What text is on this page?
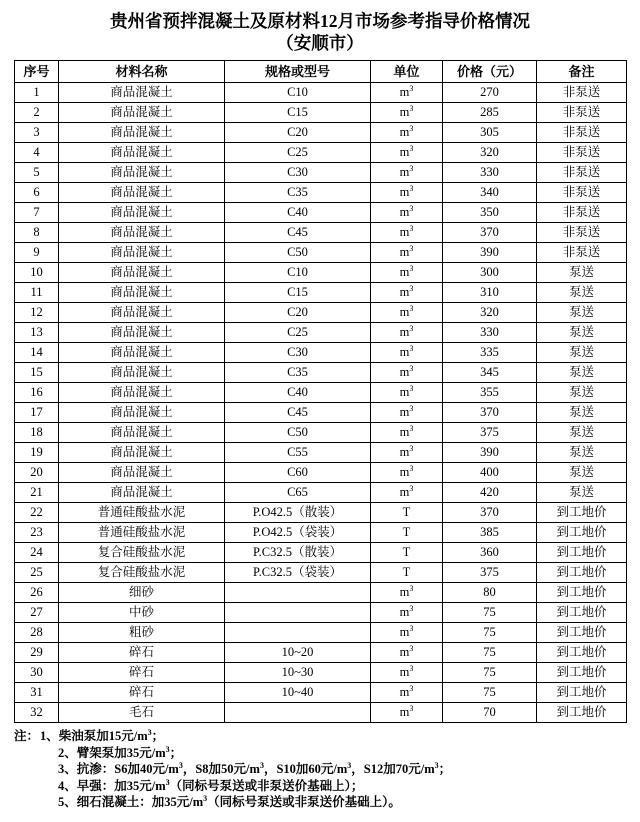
贵州省预拌混凝土及原材料12月市场参考指导价格情况
（安顺市）
序号	材料名称	规格或型号	单位	价格（元）	备注
1	商品混凝土	C10	$m^3$	270	非泵送
2	商品混凝土	C15	$m^3$	285	非泵送
3	商品混凝土	C20	$m^3$	305	非泵送
4	商品混凝土	C25	$m^3$	320	非泵送
5	商品混凝土	C30	$m^3$	330	非泵送
6	商品混凝土	C35	$m^3$	340	非泵送
7	商品混凝土	C40	$m^3$	350	非泵送
8	商品混凝土	C45	$m^3$	370	非泵送
9	商品混凝土	C50	$m^3$	390	非泵送
10	商品混凝土	C10	$m^3$	300	泵送
11	商品混凝土	C15	$m^3$	310	泵送
12	商品混凝土	C20	$m^3$	320	泵送
13	商品混凝土	C25	$m^3$	330	泵送
14	商品混凝土	C30	$m^3$	335	泵送
15	商品混凝土	C35	$m^3$	345	泵送
16	商品混凝土	C40	$m^3$	355	泵送
17	商品混凝土	C45	$m^3$	370	泵送
18	商品混凝土	C50	$m^3$	375	泵送
19	商品混凝土	C55	$m^3$	390	泵送
20	商品混凝土	C60	$m^3$	400	泵送
21	商品混凝土	C65	$m^3$	420	泵送
22	普通硅酸盐水泥	P.O42.5（散装）	T	370	到工地价
23	普通硅酸盐水泥	P.O42.5（袋装）	T	385	到工地价
24	复合硅酸盐水泥	P.C32.5（散装）	T	360	到工地价
25	复合硅酸盐水泥	P.C32.5（袋装）	T	375	到工地价
26	细砂		$m^3$	80	到工地价
27	中砂		$m^3$	75	到工地价
28	粗砂		$m^3$	75	到工地价
29	碎石	10~20	$m^3$	75	到工地价
30	碎石	10~30	$m^3$	75	到工地价
31	碎石	10~40	$m^3$	75	到工地价
32	毛石		$m^3$	70	到工地价
注： 1、柴油泵加15元$/m^3$；
2、臂架泵加35元$/m^3$；
3、抗渗：S6加40元$/m^3$，S8加50元$/m^3$，S10加60元$/m^3$，S12加70元$/m^3$；
4、早强：加35元$/m^3$（同标号泵送或非泵送价基础上）；
5、细石混凝土：加35元$/m^3$（同标号泵送或非泵送价基础上）。
